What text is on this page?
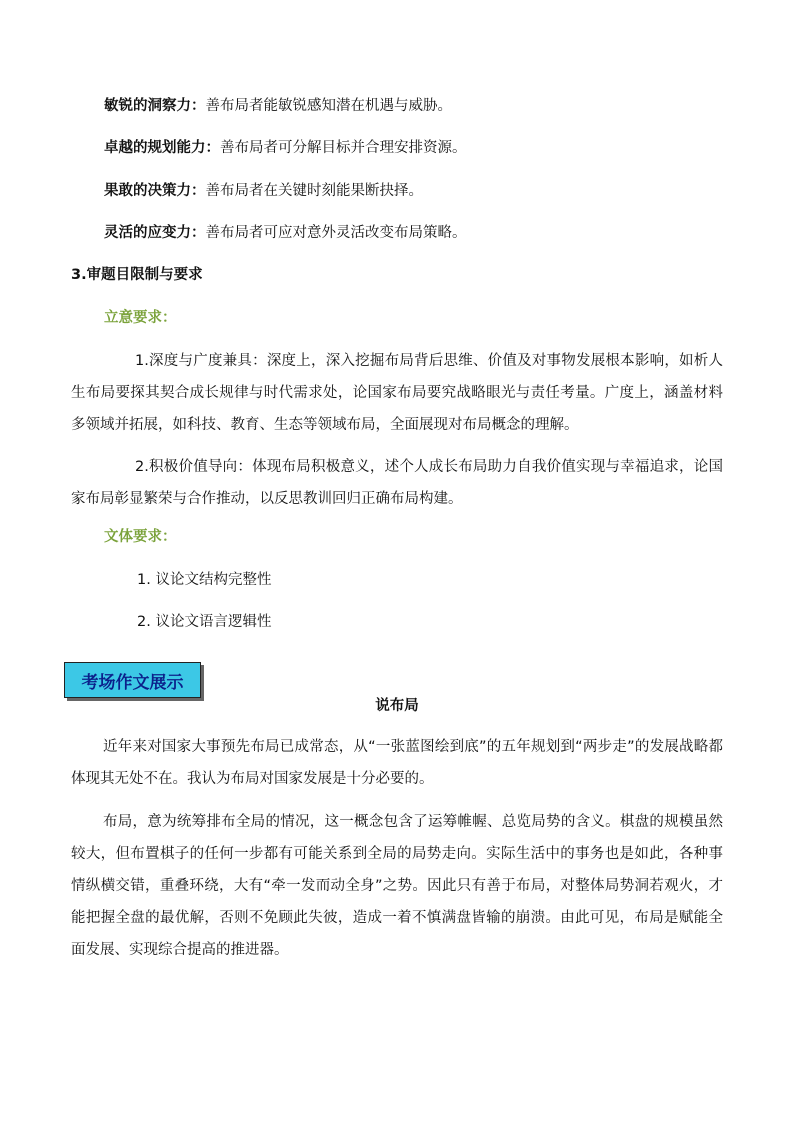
敏锐的洞察力：善布局者能敏锐感知潜在机遇与威胁。
卓越的规划能力：善布局者可分解目标并合理安排资源。
果敢的决策力：善布局者在关键时刻能果断抉择。
灵活的应变力：善布局者可应对意外灵活改变布局策略。
3.审题目限制与要求
立意要求：
1.深度与广度兼具：深度上，深入挖掘布局背后思维、价值及对事物发展根本影响，如析人生布局要探其契合成长规律与时代需求处，论国家布局要究战略眼光与责任考量。广度上，涵盖材料多领域并拓展，如科技、教育、生态等领域布局，全面展现对布局概念的理解。
2.积极价值导向：体现布局积极意义，述个人成长布局助力自我价值实现与幸福追求，论国家布局彰显繁荣与合作推动，以反思教训回归正确布局构建。
文体要求：
1. 议论文结构完整性
2. 议论文语言逻辑性
考场作文展示
说布局
近年来对国家大事预先布局已成常态，从“一张蓝图绘到底”的五年规划到“两步走”的发展战略都体现其无处不在。我认为布局对国家发展是十分必要的。
布局，意为统筹排布全局的情况，这一概念包含了运筹帷幄、总览局势的含义。棋盘的规模虽然较大，但布置棋子的任何一步都有可能关系到全局的局势走向。实际生活中的事务也是如此，各种事情纵横交错，重叠环绕，大有“牵一发而动全身”之势。因此只有善于布局，对整体局势洞若观火，才能把握全盘的最优解，否则不免顾此失彼，造成一着不慎满盘皆输的崩溃。由此可见，布局是赋能全面发展、实现综合提高的推进器。
